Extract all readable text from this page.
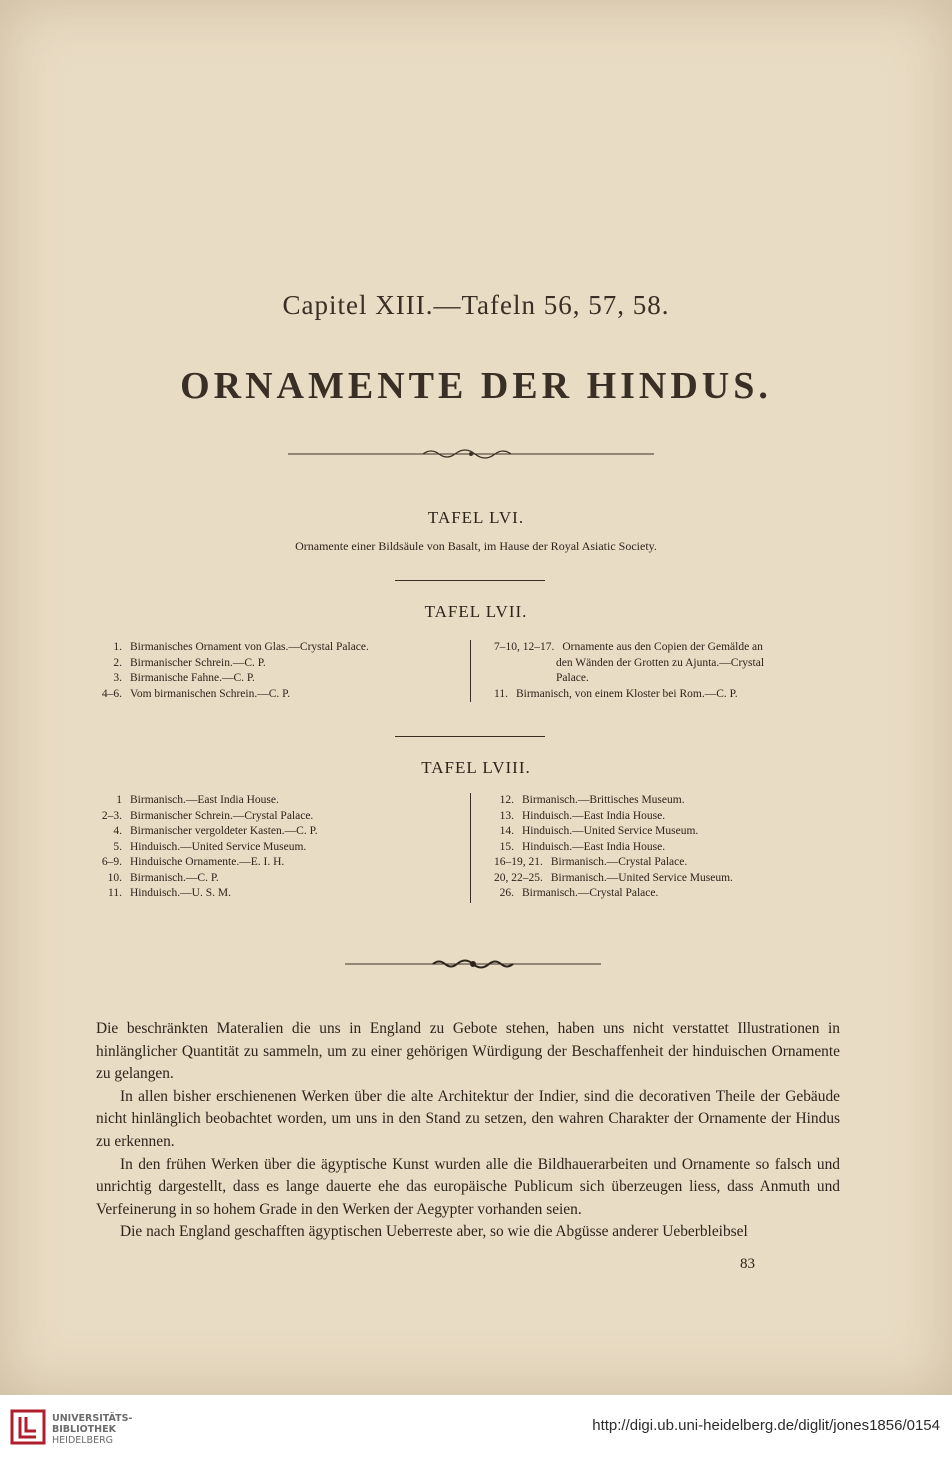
Capitel XIII.—Tafeln 56, 57, 58.
ORNAMENTE DER HINDUS.
TAFEL LVI.
Ornamente einer Bildsäule von Basalt, im Hause der Royal Asiatic Society.
TAFEL LVII.
1. Birmanisches Ornament von Glas.—Crystal Palace.
2. Birmanischer Schrein.—C. P.
3. Birmanische Fahne.—C. P.
4–6. Vom birmanischen Schrein.—C. P.
7–10, 12–17. Ornamente aus den Copien der Gemälde an
den Wänden der Grotten zu Ajunta.—Crystal
Palace.
11. Birmanisch, von einem Kloster bei Rom.—C. P.
TAFEL LVIII.
1 Birmanisch.—East India House.
2–3. Birmanischer Schrein.—Crystal Palace.
4. Birmanischer vergoldeter Kasten.—C. P.
5. Hinduisch.—United Service Museum.
6–9. Hinduische Ornamente.—E. I. H.
10. Birmanisch.—C. P.
11. Hinduisch.—U. S. M.
12. Birmanisch.—Brittisches Museum.
13. Hinduisch.—East India House.
14. Hinduisch.—United Service Museum.
15. Hinduisch.—East India House.
16–19, 21. Birmanisch.—Crystal Palace.
20, 22–25. Birmanisch.—United Service Museum.
26. Birmanisch.—Crystal Palace.

Die beschränkten Materalien die uns in England zu Gebote stehen, haben uns nicht verstattet Illustrationen in hinlänglicher Quantität zu sammeln, um zu einer gehörigen Würdigung der Beschaffenheit der hinduischen Ornamente zu gelangen.

In allen bisher erschienenen Werken über die alte Architektur der Indier, sind die decorativen Theile der Gebäude nicht hinlänglich beobachtet worden, um uns in den Stand zu setzen, den wahren Charakter der Ornamente der Hindus zu erkennen.

In den frühen Werken über die ägyptische Kunst wurden alle die Bildhauerarbeiten und Ornamente so falsch und unrichtig dargestellt, dass es lange dauerte ehe das europäische Publicum sich überzeugen liess, dass Anmuth und Verfeinerung in so hohem Grade in den Werken der Aegypter vorhanden seien.

Die nach England geschafften ägyptischen Ueberreste aber, so wie die Abgüsse anderer Ueberbleibsel

83
UNIVERSITÄTS-
BIBLIOTHEK
HEIDELBERG
http://digi.ub.uni-heidelberg.de/diglit/jones1856/0154
